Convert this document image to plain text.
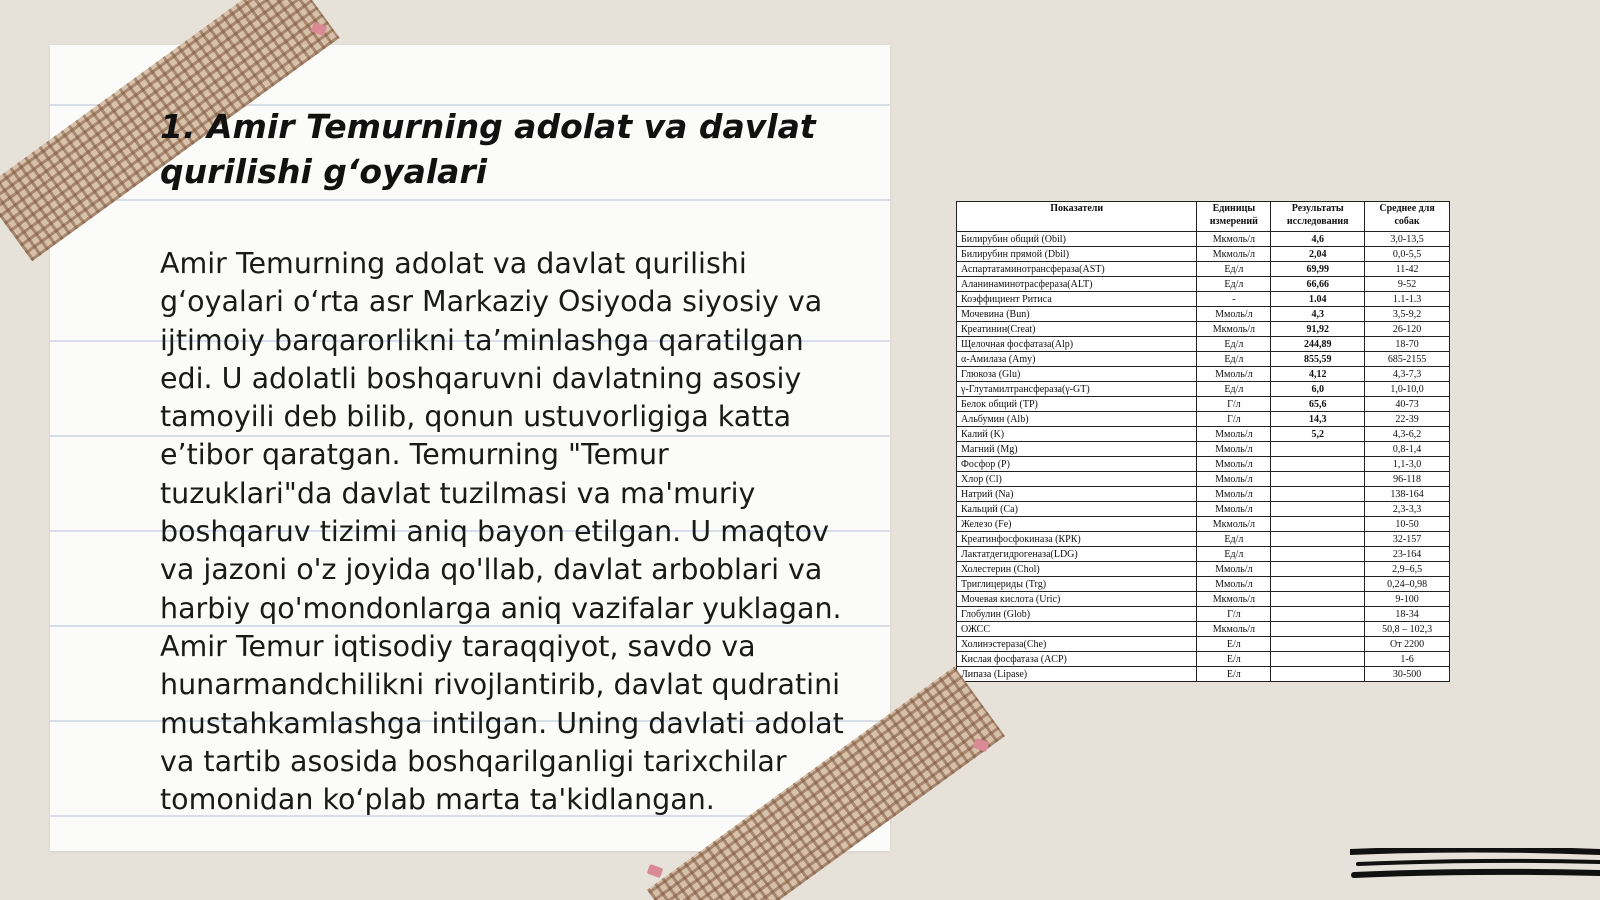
1. Amir Temurning adolat va davlat qurilishi g‘oyalari

Amir Temurning adolat va davlat qurilishi g‘oyalari o‘rta asr Markaziy Osiyoda siyosiy va ijtimoiy barqarorlikni ta’minlashga qaratilgan edi. U adolatli boshqaruvni davlatning asosiy tamoyili deb bilib, qonun ustuvorligiga katta e’tibor qaratgan. Temurning "Temur tuzuklari"da davlat tuzilmasi va ma'muriy boshqaruv tizimi aniq bayon etilgan. U maqtov va jazoni o'z joyida qo'llab, davlat arboblari va harbiy qo'mondonlarga aniq vazifalar yuklagan. Amir Temur iqtisodiy taraqqiyot, savdo va hunarmandchilikni rivojlantirib, davlat qudratini mustahkamlashga intilgan. Uning davlati adolat va tartib asosida boshqarilganligi tarixchilar tomonidan ko‘plab marta ta'kidlangan.

Показатели	Единицы измерений	Результаты исследования	Среднее для собак
Билирубин общий (Obil)	Мкмоль/л	4,6	3,0-13,5
Билирубин прямой (Dbil)	Мкмоль/л	2,04	0,0-5,5
Аспартатаминотрансфераза(AST)	Ед/л	69,99	11-42
Аланинаминотрасфераза(ALT)	Ед/л	66,66	9-52
Коэффициент Ритиса	-	1.04	1.1-1.3
Мочевина (Bun)	Ммоль/л	4,3	3,5-9,2
Креатинин(Creat)	Мкмоль/л	91,92	26-120
Щелочная фосфатаза(Alp)	Ед/л	244,89	18-70
α-Амилаза (Amy)	Ед/л	855,59	685-2155
Глюкоза (Glu)	Ммоль/л	4,12	4,3-7,3
γ-Глутамилтрансфераза(γ-GT)	Ед/л	6,0	1,0-10,0
Белок общий (TP)	Г/л	65,6	40-73
Альбумин (Alb)	Г/л	14,3	22-39
Калий (K)	Ммоль/л	5,2	4,3-6,2
Магний (Mg)	Ммоль/л		0,8-1,4
Фосфор (P)	Ммоль/л		1,1-3,0
Хлор (Cl)	Ммоль/л		96-118
Натрий (Na)	Ммоль/л		138-164
Кальций (Ca)	Ммоль/л		2,3-3,3
Железо (Fe)	Мкмоль/л		10-50
Креатинфосфокиназа (КРК)	Ед/л		32-157
Лактатдегидрогеназа(LDG)	Ед/л		23-164
Холестерин (Chol)	Ммоль/л		2,9–6,5
Триглицериды (Trg)	Ммоль/л		0,24–0,98
Мочевая кислота (Uric)	Мкмоль/л		9-100
Глобулин (Glob)	Г/л		18-34
ОЖСС	Мкмоль/л		50,8 – 102,3
Холинэстераза(Che)	Е/л		От 2200
Кислая фосфатаза (ACP)	Е/л		1-6
Липаза (Lipase)	Е/л		30-500
